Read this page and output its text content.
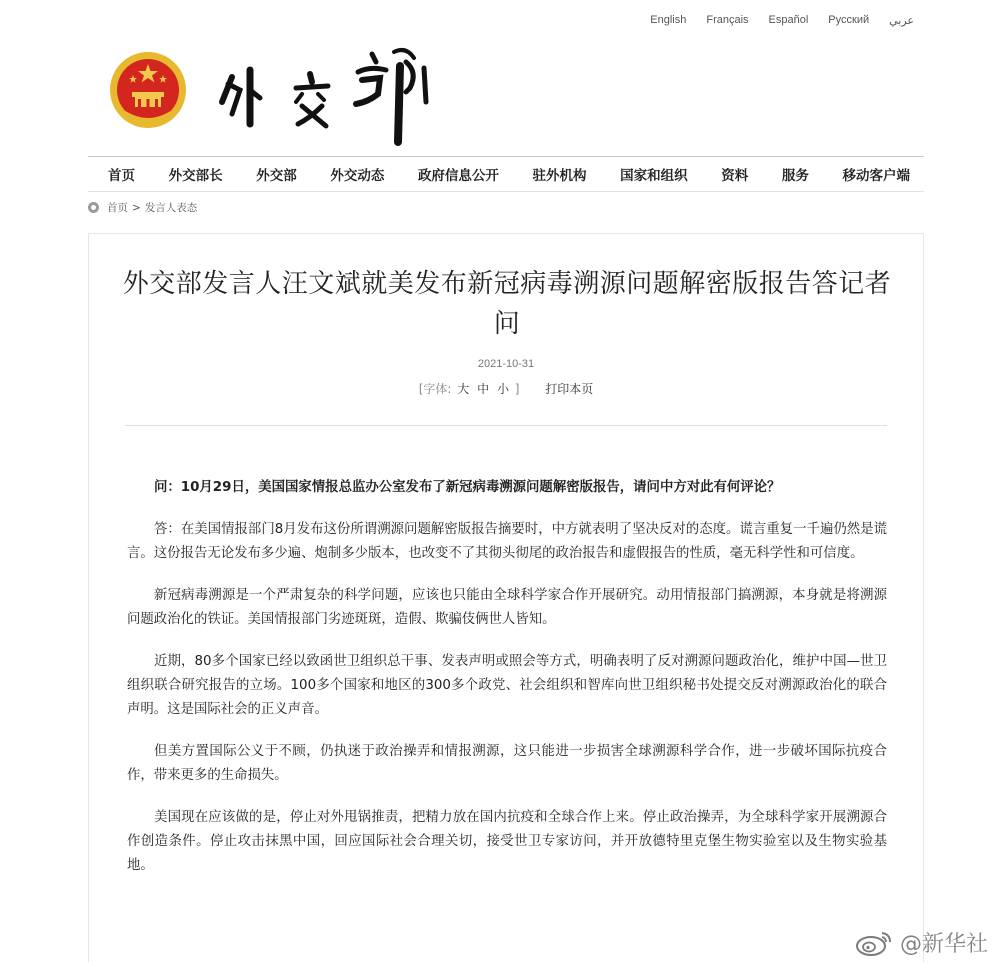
English Français Español Русский عربي
首页 外交部长 外交部 外交动态 政府信息公开 驻外机构 国家和组织 资料 服务 移动客户端
首页 > 发言人表态
外交部发言人汪文斌就美发布新冠病毒溯源问题解密版报告答记者问
2021-10-31
[字体: 大 中 小 ] 打印本页

问：10月29日，美国国家情报总监办公室发布了新冠病毒溯源问题解密版报告，请问中方对此有何评论？

答：在美国情报部门8月发布这份所谓溯源问题解密版报告摘要时，中方就表明了坚决反对的态度。谎言重复一千遍仍然是谎言。这份报告无论发布多少遍、炮制多少版本，也改变不了其彻头彻尾的政治报告和虚假报告的性质，毫无科学性和可信度。

新冠病毒溯源是一个严肃复杂的科学问题，应该也只能由全球科学家合作开展研究。动用情报部门搞溯源，本身就是将溯源问题政治化的铁证。美国情报部门劣迹斑斑，造假、欺骗伎俩世人皆知。

近期，80多个国家已经以致函世卫组织总干事、发表声明或照会等方式，明确表明了反对溯源问题政治化，维护中国—世卫组织联合研究报告的立场。100多个国家和地区的300多个政党、社会组织和智库向世卫组织秘书处提交反对溯源政治化的联合声明。这是国际社会的正义声音。

但美方置国际公义于不顾，仍执迷于政治操弄和情报溯源，这只能进一步损害全球溯源科学合作，进一步破坏国际抗疫合作，带来更多的生命损失。

美国现在应该做的是，停止对外甩锅推责，把精力放在国内抗疫和全球合作上来。停止政治操弄，为全球科学家开展溯源合作创造条件。停止攻击抹黑中国，回应国际社会合理关切，接受世卫专家访问，并开放德特里克堡生物实验室以及生物实验基地。

@新华社
